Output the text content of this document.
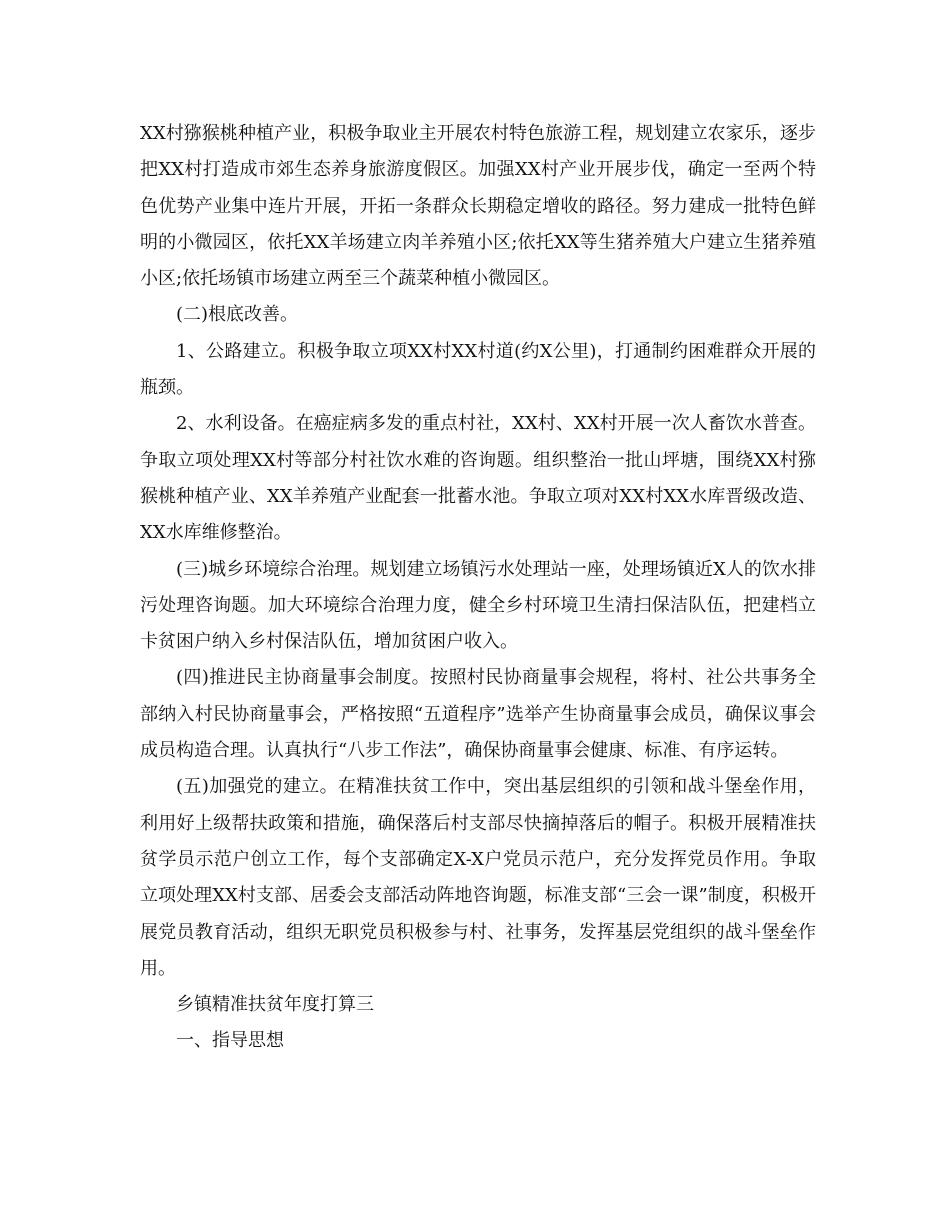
XX村猕猴桃种植产业，积极争取业主开展农村特色旅游工程，规划建立农家乐，逐步把XX村打造成市郊生态养身旅游度假区。加强XX村产业开展步伐，确定一至两个特色优势产业集中连片开展，开拓一条群众长期稳定增收的路径。努力建成一批特色鲜明的小微园区，依托XX羊场建立肉羊养殖小区;依托XX等生猪养殖大户建立生猪养殖小区;依托场镇市场建立两至三个蔬菜种植小微园区。

(二)根底改善。

1、公路建立。积极争取立项XX村XX村道(约X公里)，打通制约困难群众开展的瓶颈。

2、水利设备。在癌症病多发的重点村社，XX村、XX村开展一次人畜饮水普查。争取立项处理XX村等部分村社饮水难的咨询题。组织整治一批山坪塘，围绕XX村猕猴桃种植产业、XX羊养殖产业配套一批蓄水池。争取立项对XX村XX水库晋级改造、XX水库维修整治。

(三)城乡环境综合治理。规划建立场镇污水处理站一座，处理场镇近X人的饮水排污处理咨询题。加大环境综合治理力度，健全乡村环境卫生清扫保洁队伍，把建档立卡贫困户纳入乡村保洁队伍，增加贫困户收入。

(四)推进民主协商量事会制度。按照村民协商量事会规程，将村、社公共事务全部纳入村民协商量事会，严格按照“五道程序”选举产生协商量事会成员，确保议事会成员构造合理。认真执行“八步工作法”，确保协商量事会健康、标准、有序运转。

(五)加强党的建立。在精准扶贫工作中，突出基层组织的引领和战斗堡垒作用，利用好上级帮扶政策和措施，确保落后村支部尽快摘掉落后的帽子。积极开展精准扶贫学员示范户创立工作，每个支部确定X-X户党员示范户，充分发挥党员作用。争取立项处理XX村支部、居委会支部活动阵地咨询题，标准支部“三会一课”制度，积极开展党员教育活动，组织无职党员积极参与村、社事务，发挥基层党组织的战斗堡垒作用。

乡镇精准扶贫年度打算三

一、指导思想
